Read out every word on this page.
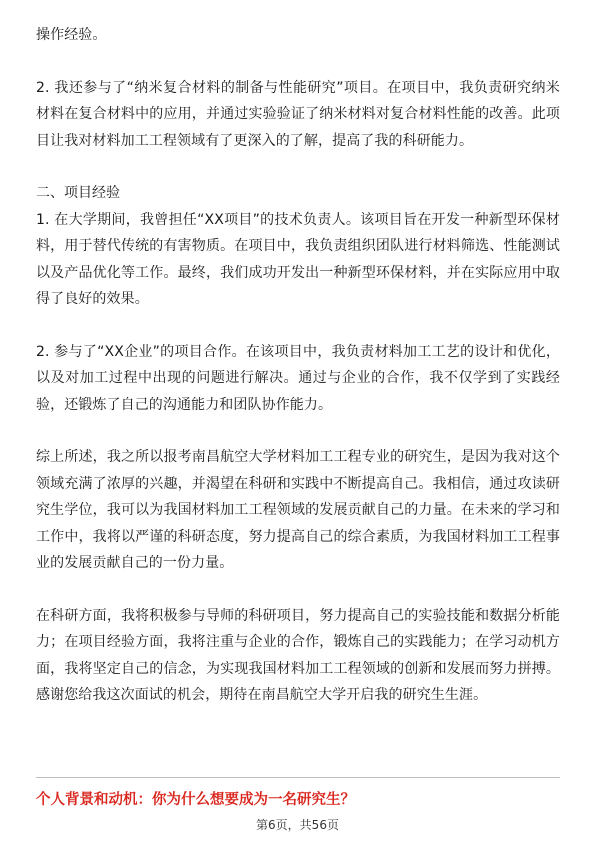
操作经验。

2. 我还参与了“纳米复合材料的制备与性能研究”项目。在项目中，我负责研究纳米材料在复合材料中的应用，并通过实验验证了纳米材料对复合材料性能的改善。此项目让我对材料加工工程领域有了更深入的了解，提高了我的科研能力。

二、项目经验

1. 在大学期间，我曾担任“XX项目”的技术负责人。该项目旨在开发一种新型环保材料，用于替代传统的有害物质。在项目中，我负责组织团队进行材料筛选、性能测试以及产品优化等工作。最终，我们成功开发出一种新型环保材料，并在实际应用中取得了良好的效果。

2. 参与了“XX企业”的项目合作。在该项目中，我负责材料加工工艺的设计和优化，以及对加工过程中出现的问题进行解决。通过与企业的合作，我不仅学到了实践经验，还锻炼了自己的沟通能力和团队协作能力。

综上所述，我之所以报考南昌航空大学材料加工工程专业的研究生，是因为我对这个领域充满了浓厚的兴趣，并渴望在科研和实践中不断提高自己。我相信，通过攻读研究生学位，我可以为我国材料加工工程领域的发展贡献自己的力量。在未来的学习和工作中，我将以严谨的科研态度，努力提高自己的综合素质，为我国材料加工工程事业的发展贡献自己的一份力量。

在科研方面，我将积极参与导师的科研项目，努力提高自己的实验技能和数据分析能力；在项目经验方面，我将注重与企业的合作，锻炼自己的实践能力；在学习动机方面，我将坚定自己的信念，为实现我国材料加工工程领域的创新和发展而努力拼搏。感谢您给我这次面试的机会，期待在南昌航空大学开启我的研究生生涯。

个人背景和动机：你为什么想要成为一名研究生？
第6页，共56页
